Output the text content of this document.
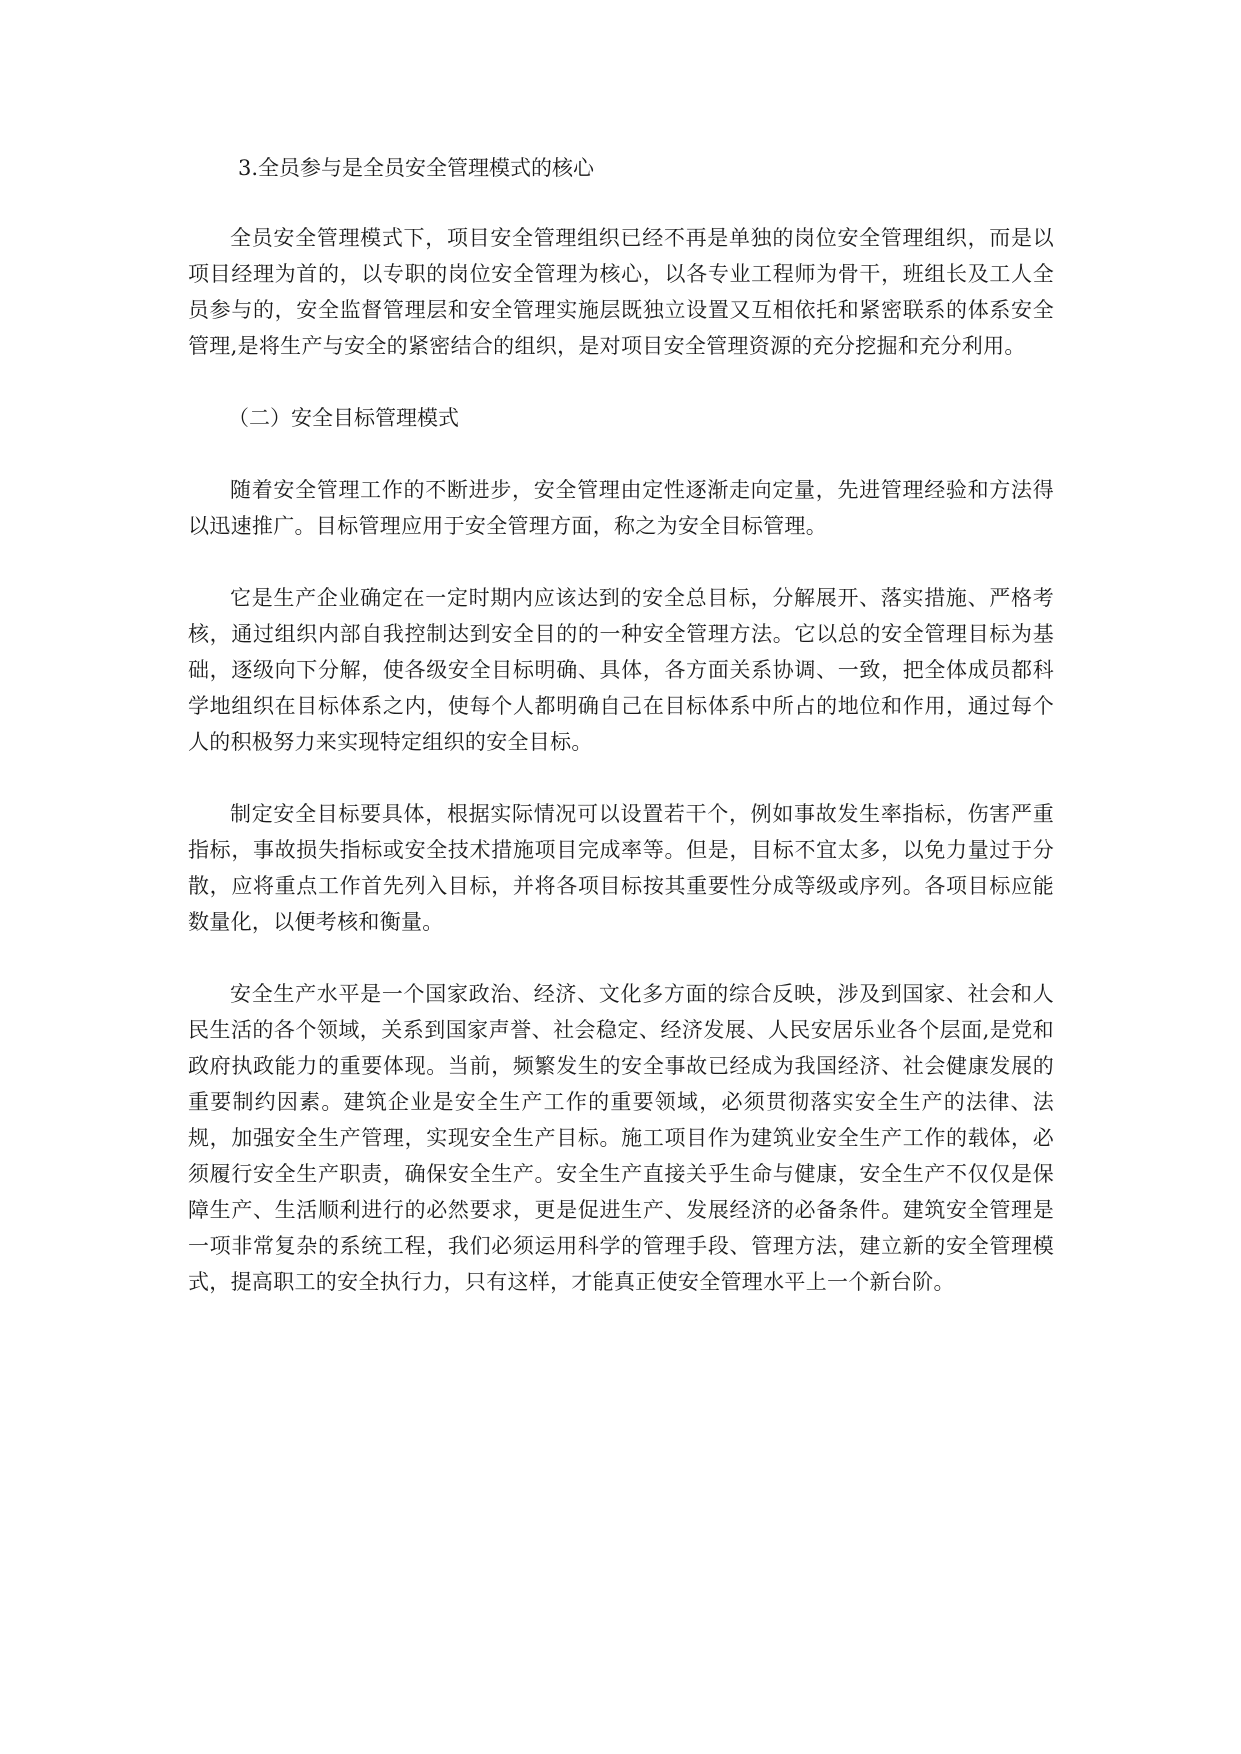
3.全员参与是全员安全管理模式的核心

全员安全管理模式下，项目安全管理组织已经不再是单独的岗位安全管理组织，而是以项目经理为首的，以专职的岗位安全管理为核心，以各专业工程师为骨干，班组长及工人全员参与的，安全监督管理层和安全管理实施层既独立设置又互相依托和紧密联系的体系安全管理,是将生产与安全的紧密结合的组织，是对项目安全管理资源的充分挖掘和充分利用。

（二）安全目标管理模式

随着安全管理工作的不断进步，安全管理由定性逐渐走向定量，先进管理经验和方法得以迅速推广。目标管理应用于安全管理方面，称之为安全目标管理。

它是生产企业确定在一定时期内应该达到的安全总目标，分解展开、落实措施、严格考核，通过组织内部自我控制达到安全目的的一种安全管理方法。它以总的安全管理目标为基础，逐级向下分解，使各级安全目标明确、具体，各方面关系协调、一致，把全体成员都科学地组织在目标体系之内，使每个人都明确自己在目标体系中所占的地位和作用，通过每个人的积极努力来实现特定组织的安全目标。

制定安全目标要具体，根据实际情况可以设置若干个，例如事故发生率指标，伤害严重指标，事故损失指标或安全技术措施项目完成率等。但是，目标不宜太多，以免力量过于分散，应将重点工作首先列入目标，并将各项目标按其重要性分成等级或序列。各项目标应能数量化，以便考核和衡量。

安全生产水平是一个国家政治、经济、文化多方面的综合反映，涉及到国家、社会和人民生活的各个领域，关系到国家声誉、社会稳定、经济发展、人民安居乐业各个层面,是党和政府执政能力的重要体现。当前，频繁发生的安全事故已经成为我国经济、社会健康发展的重要制约因素。建筑企业是安全生产工作的重要领域，必须贯彻落实安全生产的法律、法规，加强安全生产管理，实现安全生产目标。施工项目作为建筑业安全生产工作的载体，必须履行安全生产职责，确保安全生产。安全生产直接关乎生命与健康，安全生产不仅仅是保障生产、生活顺利进行的必然要求，更是促进生产、发展经济的必备条件。建筑安全管理是一项非常复杂的系统工程，我们必须运用科学的管理手段、管理方法，建立新的安全管理模式，提高职工的安全执行力，只有这样，才能真正使安全管理水平上一个新台阶。
